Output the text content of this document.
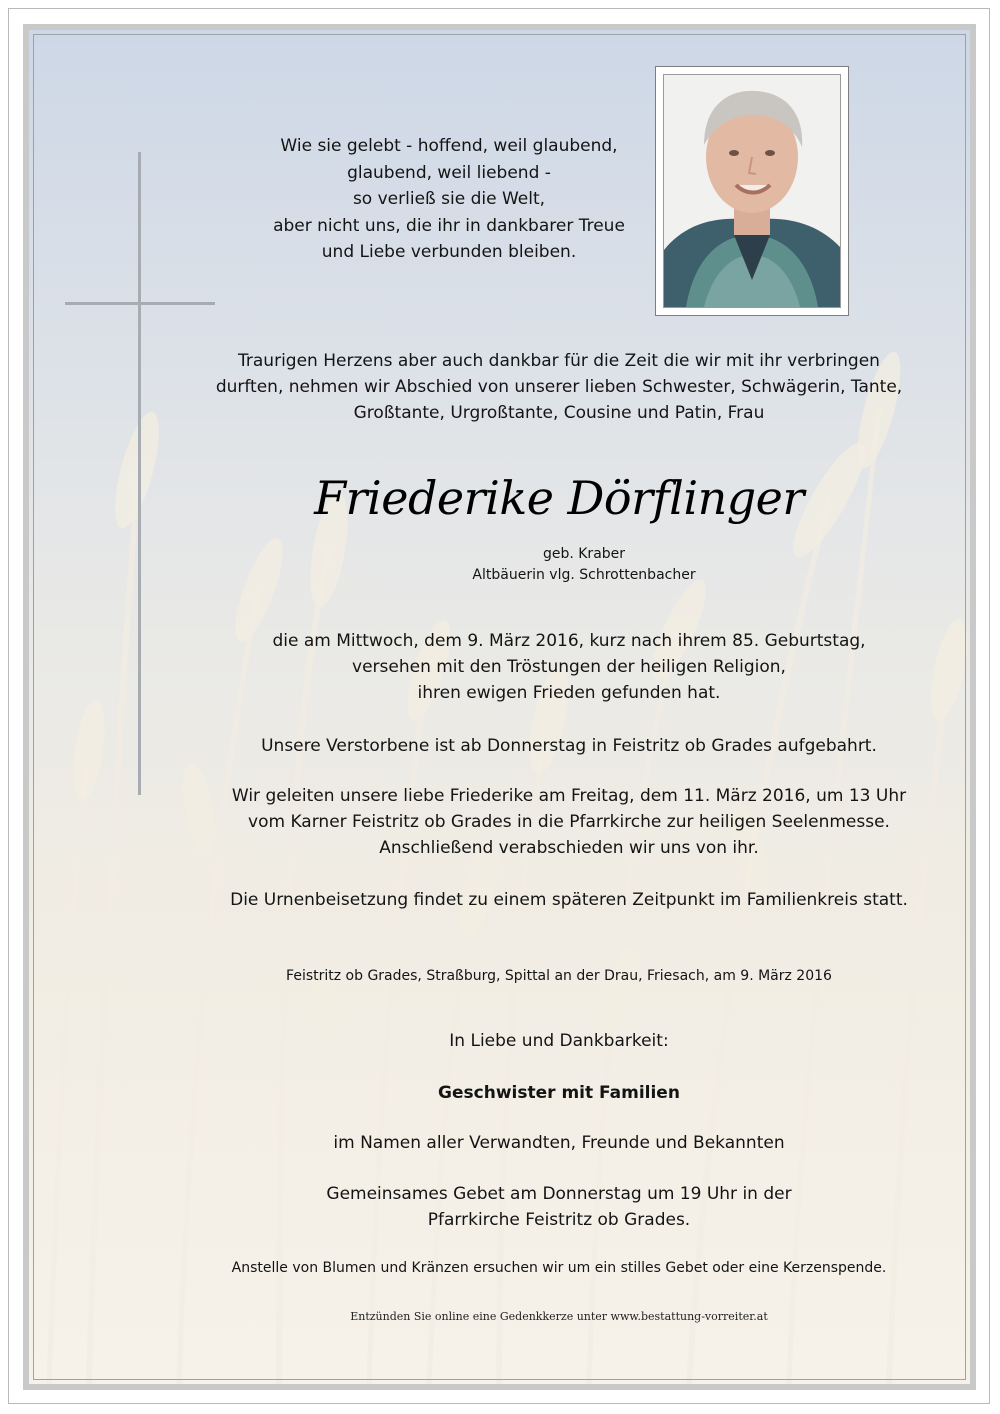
Wie sie gelebt - hoffend, weil glaubend,
glaubend, weil liebend -
so verließ sie die Welt,
aber nicht uns, die ihr in dankbarer Treue
und Liebe verbunden bleiben.
Traurigen Herzens aber auch dankbar für die Zeit die wir mit ihr verbringen
durften, nehmen wir Abschied von unserer lieben Schwester, Schwägerin, Tante,
Großtante, Urgroßtante, Cousine und Patin, Frau
Friederike Dörflinger
geb. Kraber
Altbäuerin vlg. Schrottenbacher
die am Mittwoch, dem 9. März 2016, kurz nach ihrem 85. Geburtstag,
versehen mit den Tröstungen der heiligen Religion,
ihren ewigen Frieden gefunden hat.
Unsere Verstorbene ist ab Donnerstag in Feistritz ob Grades aufgebahrt.
Wir geleiten unsere liebe Friederike am Freitag, dem 11. März 2016, um 13 Uhr
vom Karner Feistritz ob Grades in die Pfarrkirche zur heiligen Seelenmesse.
Anschließend verabschieden wir uns von ihr.
Die Urnenbeisetzung findet zu einem späteren Zeitpunkt im Familienkreis statt.
Feistritz ob Grades, Straßburg, Spittal an der Drau, Friesach, am 9. März 2016
In Liebe und Dankbarkeit:
Geschwister mit Familien
im Namen aller Verwandten, Freunde und Bekannten
Gemeinsames Gebet am Donnerstag um 19 Uhr in der
Pfarrkirche Feistritz ob Grades.
Anstelle von Blumen und Kränzen ersuchen wir um ein stilles Gebet oder eine Kerzenspende.
Entzünden Sie online eine Gedenkkerze unter www.bestattung-vorreiter.at
